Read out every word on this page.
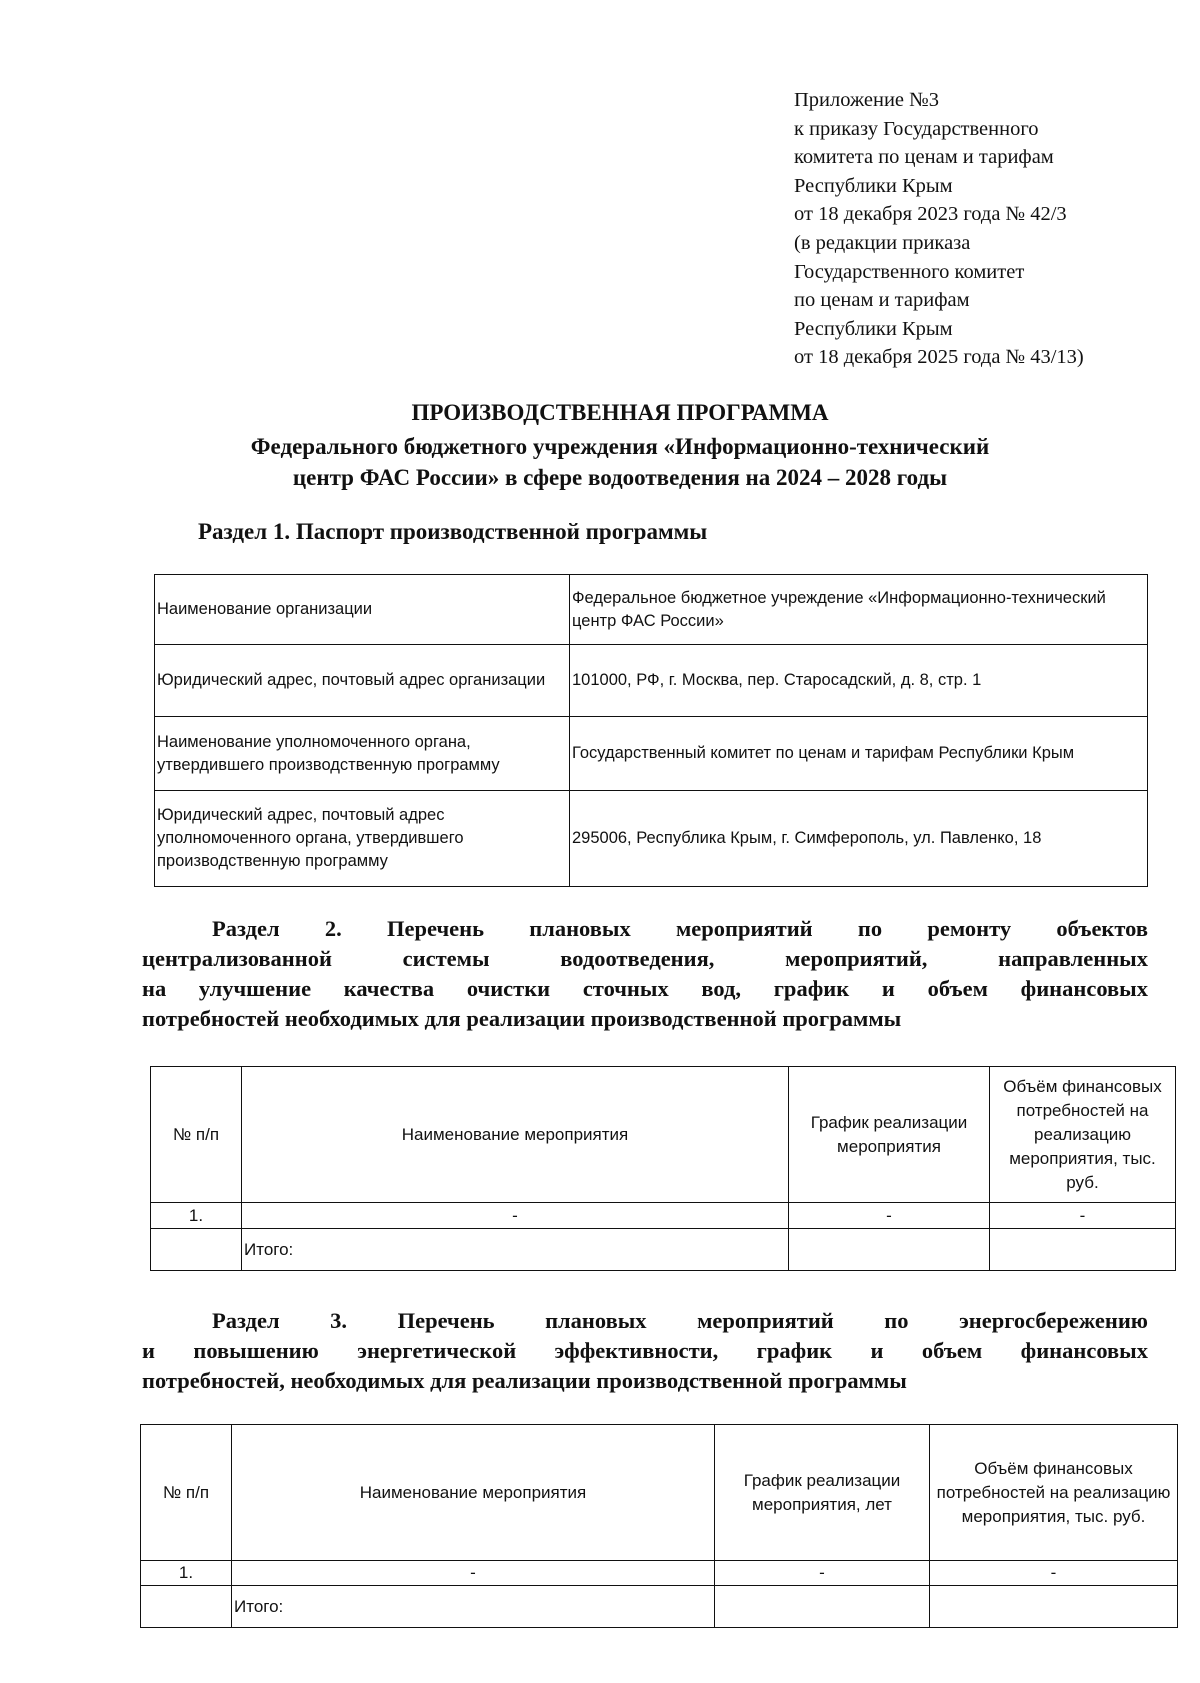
Приложение №3
к приказу Государственного
комитета по ценам и тарифам
Республики Крым
от 18 декабря 2023 года № 42/3
(в редакции приказа
Государственного комитет
по ценам и тарифам
Республики Крым
от 18 декабря 2025 года № 43/13)
ПРОИЗВОДСТВЕННАЯ ПРОГРАММА
Федерального бюджетного учреждения «Информационно-технический
центр ФАС России» в сфере водоотведения на 2024 – 2028 годы
Раздел 1. Паспорт производственной программы
Наименование организации	Федеральное бюджетное учреждение «Информационно-технический центр ФАС России»
Юридический адрес, почтовый адрес организации	101000, РФ, г. Москва, пер. Старосадский, д. 8, стр. 1
Наименование уполномоченного органа, утвердившего производственную программу	Государственный комитет по ценам и тарифам Республики Крым
Юридический адрес, почтовый адрес уполномоченного органа, утвердившего производственную программу	295006, Республика Крым, г. Симферополь, ул. Павленко, 18
Раздел 2. Перечень плановых мероприятий по ремонту объектов
централизованной системы водоотведения, мероприятий, направленных
на улучшение качества очистки сточных вод, график и объем финансовых
потребностей необходимых для реализации производственной программы
№ п/п	Наименование мероприятия	График реализации мероприятия	Объём финансовых потребностей на реализацию мероприятия, тыс. руб.
1.	-	-	-
	Итого:		
Раздел 3. Перечень плановых мероприятий по энергосбережению
и повышению энергетической эффективности, график и объем финансовых
потребностей, необходимых для реализации производственной программы
№ п/п	Наименование мероприятия	График реализации мероприятия, лет	Объём финансовых потребностей на реализацию мероприятия, тыс. руб.
1.	-	-	-
	Итого:		
